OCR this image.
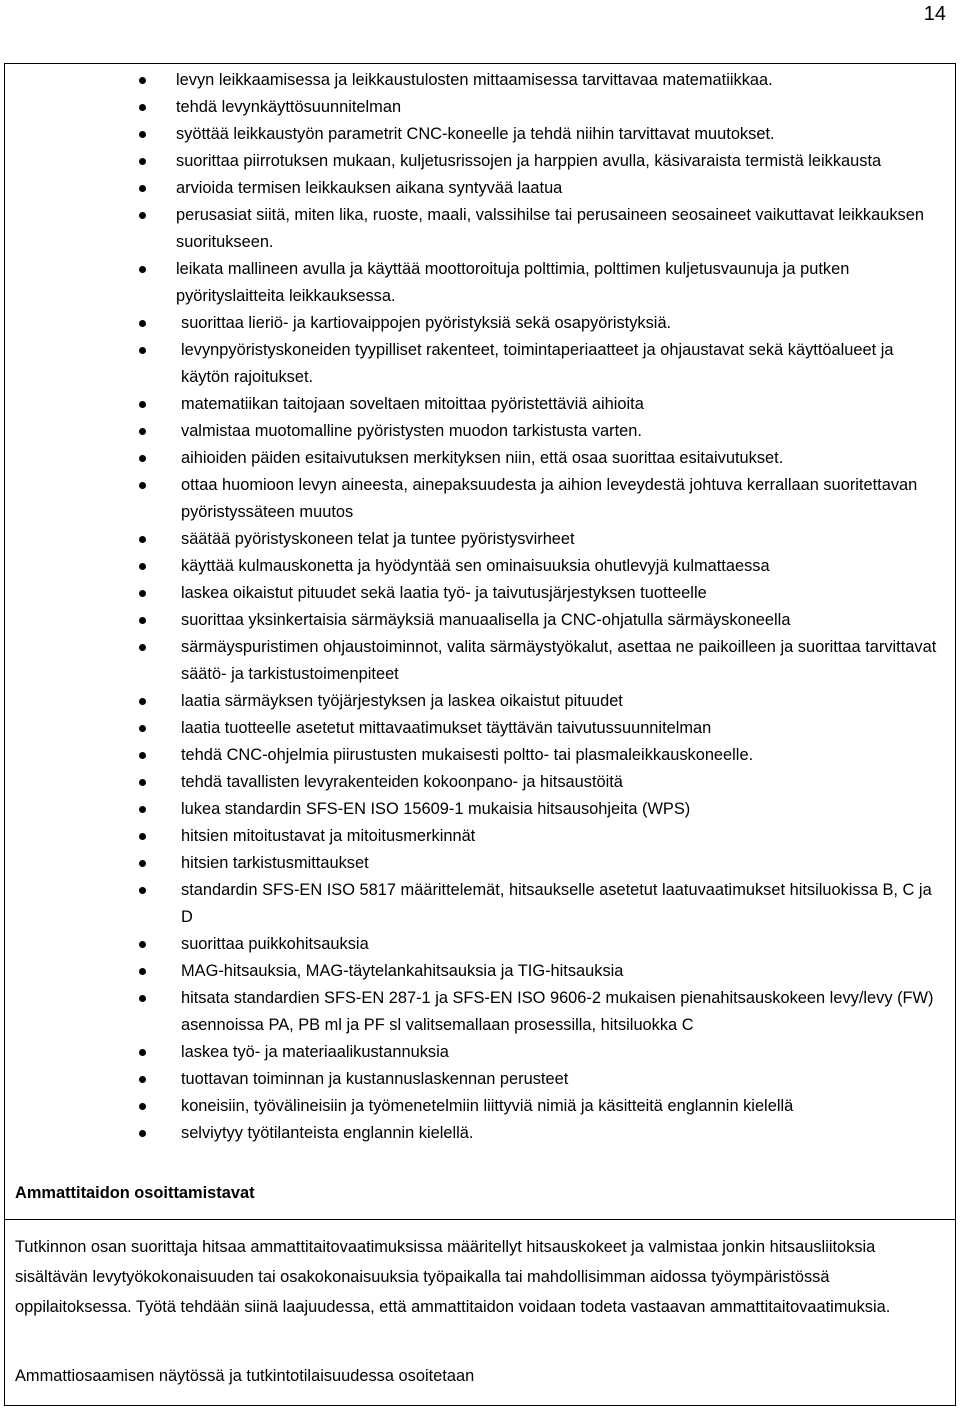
14
levyn leikkaamisessa ja leikkaustulosten mittaamisessa tarvittavaa matematiikkaa.
tehdä levynkäyttösuunnitelman
syöttää leikkaustyön parametrit CNC-koneelle ja tehdä niihin tarvittavat muutokset.
suorittaa piirrotuksen mukaan, kuljetusrissojen ja harppien avulla, käsivaraista termistä leikkausta
arvioida termisen leikkauksen aikana syntyvää laatua
perusasiat siitä, miten lika, ruoste, maali, valssihilse tai perusaineen seosaineet vaikuttavat leikkauksen suoritukseen.
leikata mallineen avulla ja käyttää moottoroituja polttimia, polttimen kuljetusvaunuja ja putken pyörityslaitteita leikkauksessa.
suorittaa lieriö- ja kartiovaippojen pyöristyksiä sekä osapyöristyksiä.
levynpyöristyskoneiden tyypilliset rakenteet, toimintaperiaatteet ja ohjaustavat sekä käyttöalueet ja käytön rajoitukset.
matematiikan taitojaan soveltaen mitoittaa pyöristettäviä aihioita
valmistaa muotomalline pyöristysten muodon tarkistusta varten.
aihioiden päiden esitaivutuksen merkityksen niin, että osaa suorittaa esitaivutukset.
ottaa huomioon levyn aineesta, ainepaksuudesta ja aihion leveydestä johtuva kerrallaan suoritettavan pyöristyssäteen muutos
säätää pyöristyskoneen telat ja tuntee pyöristysvirheet
käyttää kulmauskonetta ja hyödyntää sen ominaisuuksia ohutlevyjä kulmattaessa
laskea oikaistut pituudet sekä laatia työ- ja taivutusjärjestyksen tuotteelle
suorittaa yksinkertaisia särmäyksiä manuaalisella ja CNC-ohjatulla särmäyskoneella
särmäyspuristimen ohjaustoiminnot, valita särmäystyökalut, asettaa ne paikoilleen ja suorittaa tarvittavat säätö- ja tarkistustoimenpiteet
laatia särmäyksen työjärjestyksen ja laskea oikaistut pituudet
laatia tuotteelle asetetut mittavaatimukset täyttävän taivutussuunnitelman
tehdä CNC-ohjelmia piirustusten mukaisesti poltto- tai plasmaleikkauskoneelle.
tehdä tavallisten levyrakenteiden kokoonpano- ja hitsaustöitä
lukea standardin SFS-EN ISO 15609-1 mukaisia hitsausohjeita (WPS)
hitsien mitoitustavat ja mitoitusmerkinnät
hitsien tarkistusmittaukset
standardin SFS-EN ISO 5817 määrittelemät, hitsaukselle asetetut laatuvaatimukset hitsiluokissa B, C ja D
suorittaa puikkohitsauksia
MAG-hitsauksia, MAG-täytelankahitsauksia ja TIG-hitsauksia
hitsata standardien SFS-EN 287-1 ja SFS-EN ISO 9606-2 mukaisen pienahitsauskokeen levy/levy (FW) asennoissa PA, PB ml ja PF sl valitsemallaan prosessilla, hitsiluokka C
laskea työ- ja materiaalikustannuksia
tuottavan toiminnan ja kustannuslaskennan perusteet
koneisiin, työvälineisiin ja työmenetelmiin liittyviä nimiä ja käsitteitä englannin kielellä
selviytyy työtilanteista englannin kielellä.
Ammattitaidon osoittamistavat

Tutkinnon osan suorittaja hitsaa ammattitaitovaatimuksissa määritellyt hitsauskokeet ja valmistaa jonkin hitsausliitoksia sisältävän levytyökokonaisuuden tai osakokonaisuuksia työpaikalla tai mahdollisimman aidossa työympäristössä oppilaitoksessa. Työtä tehdään siinä laajuudessa, että ammattitaidon voidaan todeta vastaavan ammattitaitovaatimuksia.

Ammattiosaamisen näytössä ja tutkintotilaisuudessa osoitetaan
